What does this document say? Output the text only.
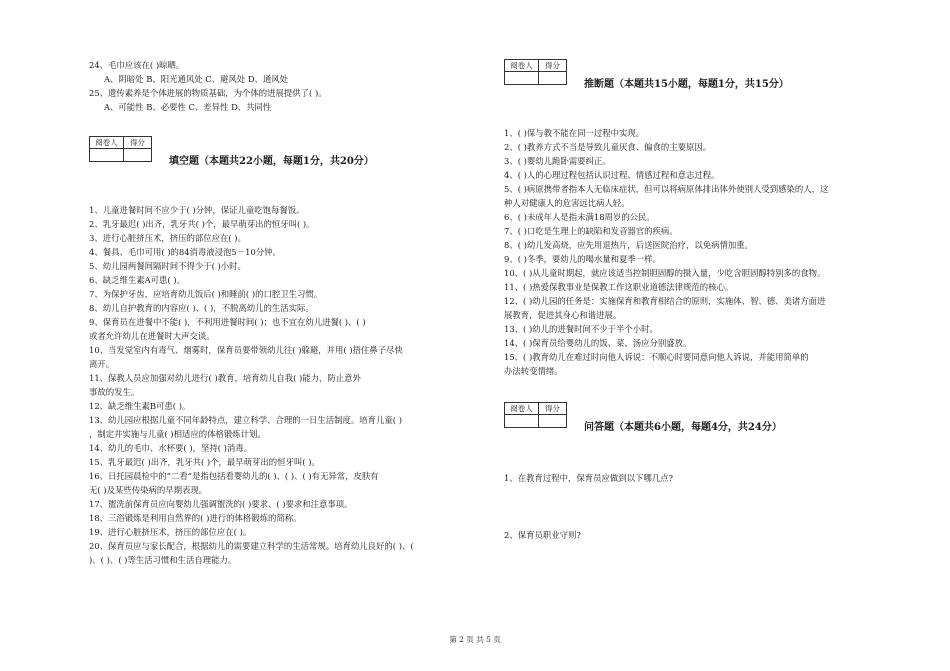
24、毛巾应该在( )晾晒。
A、阴暗处 B、阳光通风处 C、避风处 D、通风处
25、遗传素养是个体进展的物质基础，为个体的进展提供了( )。
A、可能性 B、必要性 C、差异性 D、共同性
阅卷人	得分

填空题（本题共22小题，每题1分，共20分）
1、儿童进餐时间不应少于( )分钟，保证儿童吃饱每餐饭。
2、乳牙最迟( )出齐，乳牙共( )个，最早萌芽出的恒牙叫( )。
3、进行心脏挤压术，挤压的部位应在( )。
4、餐具、毛巾可用( )的84消毒液浸泡5－10分钟。
5、幼儿园两餐间隔时间不得少于( )小时。
6、缺乏维生素A可患( )。
7、为保护牙齿，应培育幼儿饭后( )和睡前( )的口腔卫生习惯。
8、幼儿自护教育的内容应( )、( )，不脱离幼儿的生活实际。
9、保育员在进餐中不能( )，不利用进餐时间( )；也不宜在幼儿进餐( )、( )
或者允许幼儿在进餐时大声交谈。
10、当发觉室内有毒气、烟雾时，保育员要带领幼儿往( )躲避，并用( )捂住鼻子尽快
离开。
11、保教人员应加强对幼儿进行( )教育，培育幼儿自我( )能力，防止意外
事故的发生。
12、缺乏维生素B可患( )。
13、幼儿园应根据儿童不同年龄特点，建立科学、合理的一日生活制度。培育儿童( )
，制定并实施与儿童( )相适应的体格锻炼计划。
14、幼儿的毛巾、水杯要( )，坚持( )消毒。
15、乳牙最迟( )出齐，乳牙共( )个，最早萌芽出的恒牙叫( )。
16、日托园晨检中的“二看”是指包括看婴幼儿的( )、( )、( )有无异常，皮肤有
无( )及某些传染病的早期表现。
17、盥洗前保育员应向婴幼儿强调盥洗的( )要求、( )要求和注意事项。
18、三浴锻炼是利用自然界的( )进行的体格锻炼的简称。
19、进行心脏挤压术，挤压的部位应在( )。
20、保育员应与家长配合，根据幼儿的需要建立科学的生活常规。培育幼儿良好的( )、(
)、( )、( )等生活习惯和生活自理能力。
阅卷人	得分

推断题（本题共15小题，每题1分，共15分）
1、( )保与教不能在同一过程中实现。
2、( )教养方式不当是导致儿童厌食、偏食的主要原因。
3、( )婴幼儿跪卧需要纠正。
4、( )人的心理过程包括认识过程、情感过程和意志过程。
5、( )病原携带者指本人无临床症状，但可以将病原体排出体外使别人受到感染的人，这
种人对健康人的危害远比病人轻。
6、( )未成年人是指未满18周岁的公民。
7、( )口吃是生理上的缺陷和发音器官的疾病。
8、( )幼儿发高烧，应先用退热片，后送医院治疗，以免病情加重。
9、( )冬季，要幼儿的喝水量和夏季一样。
10、( )从儿童时期起，就应该适当控制胆固醇的摄入量，少吃含胆固醇特别多的食物。
11、( )热爱保教事业是保教工作这职业道德法律规范的核心。
12、( )幼儿园的任务是：实施保育和教育相结合的原则，实施体、智、德、美诸方面进
展教育，促进其身心和谐进展。
13、( )幼儿的进餐时间不少于半个小时。
14、( )保育员给婴幼儿的饭、菜、汤应分别盛放。
15、( )教育幼儿在难过时向他人诉说：不顺心时要同意向他人诉说，并能用简单的
办法转变情绪。
阅卷人	得分

问答题（本题共6小题，每题4分，共24分）
1、在教育过程中，保育员应做到以下哪几点?
2、保育员职业守则?
第 2 页 共 5 页
